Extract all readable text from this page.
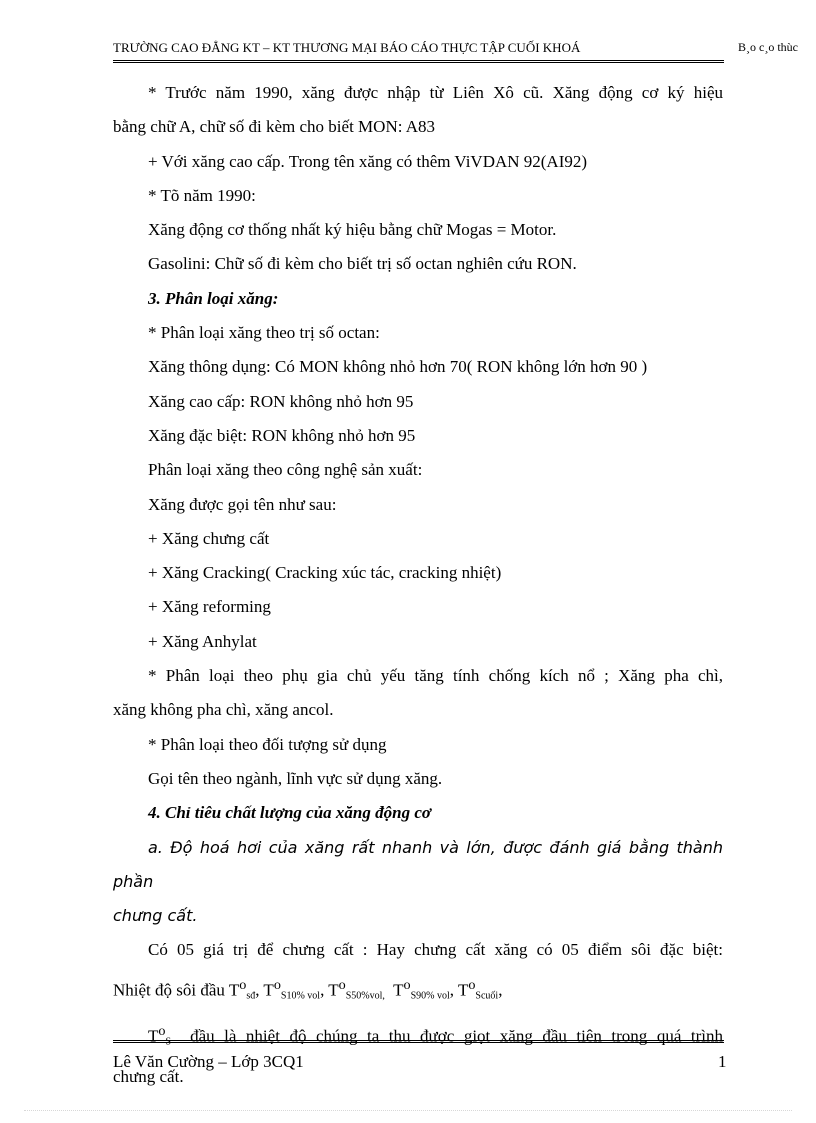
TRƯỜNG CAO ĐẲNG KT – KT THƯƠNG MẠI BÁO CÁO THỰC TẬP CUỐI KHOÁ	B¸o c¸o thùc

* Trước năm 1990, xăng được nhập từ Liên Xô cũ. Xăng động cơ ký hiệu

bằng chữ A, chữ số đi kèm cho biết MON: A83

+ Với xăng cao cấp. Trong tên xăng có thêm ViVDAN 92(AI92)

* Tõ năm 1990:

Xăng động cơ thống nhất ký hiệu bằng chữ Mogas = Motor.

Gasolini: Chữ số đi kèm cho biết trị số octan nghiên cứu RON.

3. Phân loại xăng:

* Phân loại xăng theo trị số octan:

Xăng thông dụng: Có MON không nhỏ hơn 70( RON không lớn hơn 90 )

Xăng cao cấp: RON không nhỏ hơn 95

Xăng đặc biệt: RON không nhỏ hơn 95

Phân loại xăng theo công nghệ sản xuất:

Xăng được gọi tên như sau:

+ Xăng chưng cất

+ Xăng Cracking( Cracking xúc tác, cracking nhiệt)

+ Xăng reforming

+ Xăng Anhylat

* Phân loại theo phụ gia chủ yếu tăng tính chống kích nổ ; Xăng pha chì,

xăng không pha chì, xăng ancol.

* Phân loại theo đối tượng sử dụng

Gọi tên theo ngành, lĩnh vực sử dụng xăng.

4. Chỉ tiêu chất lượng của xăng động cơ

a. Độ hoá hơi của xăng rất nhanh và lớn, được đánh giá bằng thành phần

chưng cất.

Có 05 giá trị để chưng cất : Hay chưng cất xăng có 05 điểm sôi đặc biệt:

Nhiệt độ sôi đầu $T^o_{sđ}$, $T^o_{S10\% vol}$, $T^o_{S50\%vol,}$ $T^o_{S90\% vol}$, $T^o_{Scuối}$,

$T^o_S$ đầu là nhiệt độ chúng ta thu được giọt xăng đầu tiên trong quá trình

chưng cất.

Lê Văn Cường – Lớp 3CQ1	1
